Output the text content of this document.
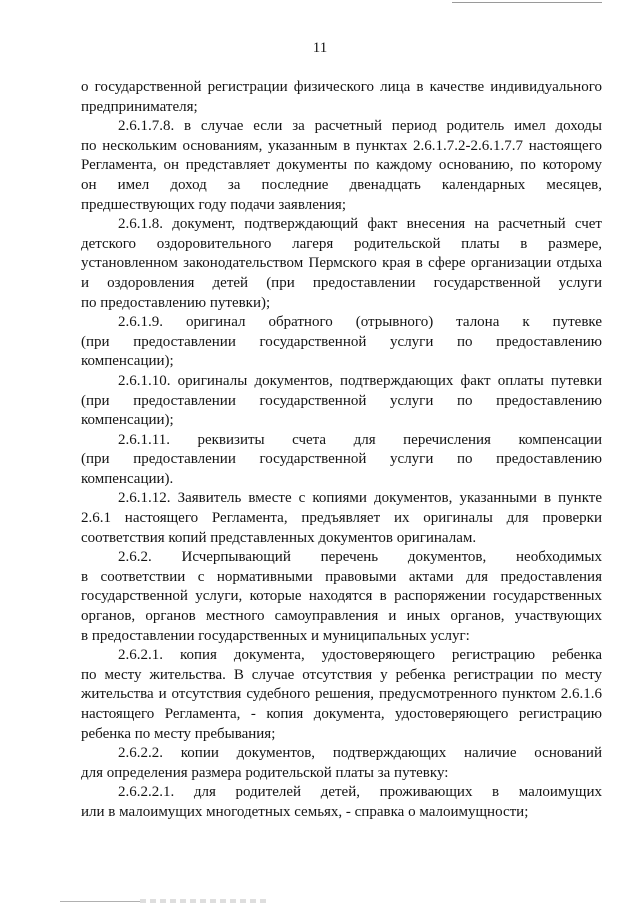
11
о государственной регистрации физического лица в качестве индивидуального
предпринимателя;
2.6.1.7.8. в случае если за расчетный период родитель имел доходы
по нескольким основаниям, указанным в пунктах 2.6.1.7.2-2.6.1.7.7 настоящего
Регламента, он представляет документы по каждому основанию, по которому
он имел доход за последние двенадцать календарных месяцев,
предшествующих году подачи заявления;
2.6.1.8. документ, подтверждающий факт внесения на расчетный счет
детского оздоровительного лагеря родительской платы в размере,
установленном законодательством Пермского края в сфере организации отдыха
и оздоровления детей (при предоставлении государственной услуги
по предоставлению путевки);
2.6.1.9. оригинал обратного (отрывного) талона к путевке
(при предоставлении государственной услуги по предоставлению
компенсации);
2.6.1.10. оригиналы документов, подтверждающих факт оплаты путевки
(при предоставлении государственной услуги по предоставлению
компенсации);
2.6.1.11. реквизиты счета для перечисления компенсации
(при предоставлении государственной услуги по предоставлению
компенсации).
2.6.1.12. Заявитель вместе с копиями документов, указанными в пункте
2.6.1 настоящего Регламента, предъявляет их оригиналы для проверки
соответствия копий представленных документов оригиналам.
2.6.2. Исчерпывающий перечень документов, необходимых
в соответствии с нормативными правовыми актами для предоставления
государственной услуги, которые находятся в распоряжении государственных
органов, органов местного самоуправления и иных органов, участвующих
в предоставлении государственных и муниципальных услуг:
2.6.2.1. копия документа, удостоверяющего регистрацию ребенка
по месту жительства. В случае отсутствия у ребенка регистрации по месту
жительства и отсутствия судебного решения, предусмотренного пунктом 2.6.1.6
настоящего Регламента, - копия документа, удостоверяющего регистрацию
ребенка по месту пребывания;
2.6.2.2. копии документов, подтверждающих наличие оснований
для определения размера родительской платы за путевку:
2.6.2.2.1. для родителей детей, проживающих в малоимущих
или в малоимущих многодетных семьях, - справка о малоимущности;
